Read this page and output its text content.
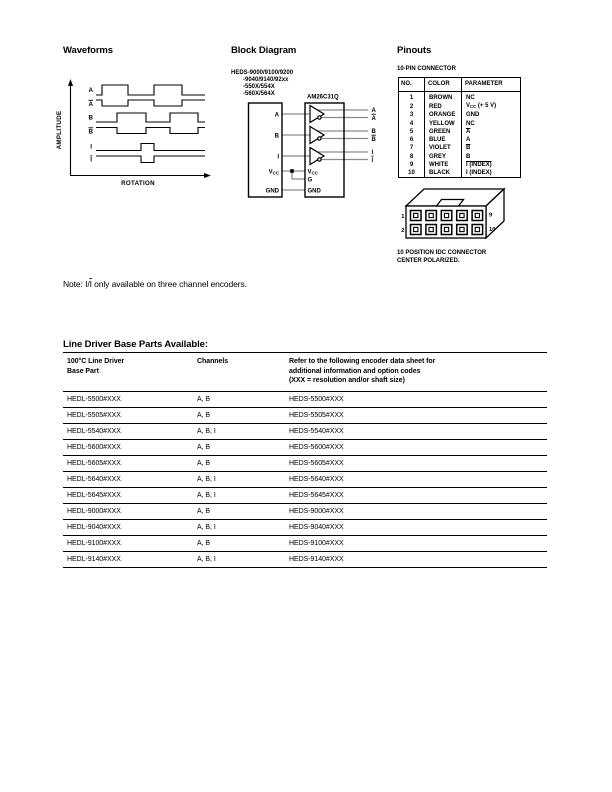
Waveforms	Block Diagram	Pinouts
AMPLITUDE
ROTATION
A
A
B
B
I
I
HEDS-9000/9100/9200
-9040/9140/92xx
-550X/554X
-560X/564X
AM26C31Q
A
B
I
VCC
GND
VCC
G
GND
A
A
B
B
I
I
10-PIN CONNECTOR
NO.	COLOR	PARAMETER
1	BROWN	NC
2	RED	$V_{CC}$ (+ 5 V)
3	ORANGE	GND
4	YELLOW	NC
5	GREEN	$\overline{A}$
6	BLUE	A
7	VIOLET	$\overline{B}$
8	GREY	B
9	WHITE	I (INDEX)
10	BLACK	I (INDEX)
1
2
9
10
10 POSITION IDC CONNECTOR
CENTER POLARIZED.
Note: $I/\overline{I}$ only available on three channel encoders.
Line Driver Base Parts Available:
100°C Line Driver
Base Part

Channels	Refer to the following encoder data sheet for
additional information and option codes
(XXX = resolution and/or shaft size)

HEDL-5500#XXX	A, B	HEDS-5500#XXX
HEDL-5505#XXX	A, B	HEDS-5505#XXX
HEDL-5540#XXX	A, B, I	HEDS-5540#XXX
HEDL-5600#XXX	A, B	HEDS-5600#XXX
HEDL-5605#XXX	A, B	HEDS-5605#XXX
HEDL-5640#XXX	A, B, I	HEDS-5640#XXX
HEDL-5645#XXX	A, B, I	HEDS-5645#XXX
HEDL-9000#XXX	A, B	HEDS-9000#XXX
HEDL-9040#XXX	A, B, I	HEDS-9040#XXX
HEDL-9100#XXX	A, B	HEDS-9100#XXX
HEDL-9140#XXX	A, B, I	HEDS-9140#XXX
